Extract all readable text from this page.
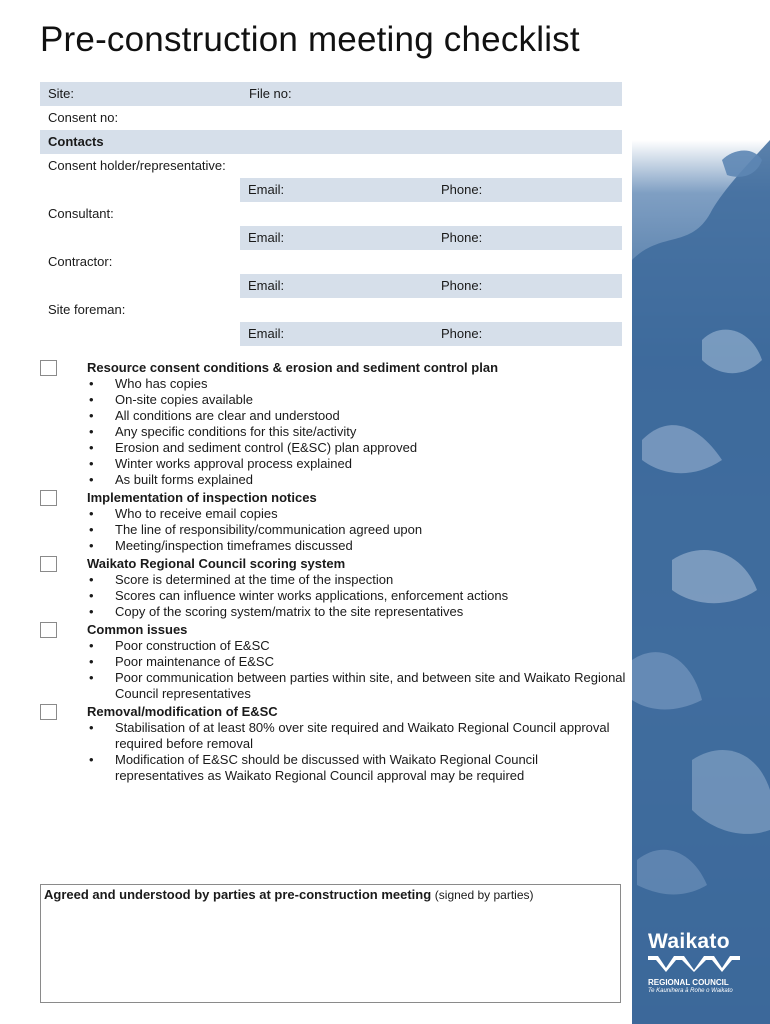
Pre-construction meeting checklist
Site:	File no:
Consent no:
Contacts
Consent holder/representative:
Email:	Phone:
Consultant:
Email:	Phone:
Contractor:
Email:	Phone:
Site foreman:
Email:	Phone:
Resource consent conditions & erosion and sediment control plan
• Who has copies
• On-site copies available
• All conditions are clear and understood
• Any specific conditions for this site/activity
• Erosion and sediment control (E&SC) plan approved
• Winter works approval process explained
• As built forms explained
Implementation of inspection notices
• Who to receive email copies
• The line of responsibility/communication agreed upon
• Meeting/inspection timeframes discussed
Waikato Regional Council scoring system
• Score is determined at the time of the inspection
• Scores can influence winter works applications, enforcement actions
• Copy of the scoring system/matrix to the site representatives
Common issues
• Poor construction of E&SC
• Poor maintenance of E&SC
• Poor communication between parties within site, and between site and Waikato Regional Council representatives
Removal/modification of E&SC
• Stabilisation of at least 80% over site required and Waikato Regional Council approval required before removal
• Modification of E&SC should be discussed with Waikato Regional Council representatives as Waikato Regional Council approval may be required
Agreed and understood by parties at pre-construction meeting (signed by parties)
Waikato
REGIONAL COUNCIL
Te Kaunihera ā Rohe o Waikato
